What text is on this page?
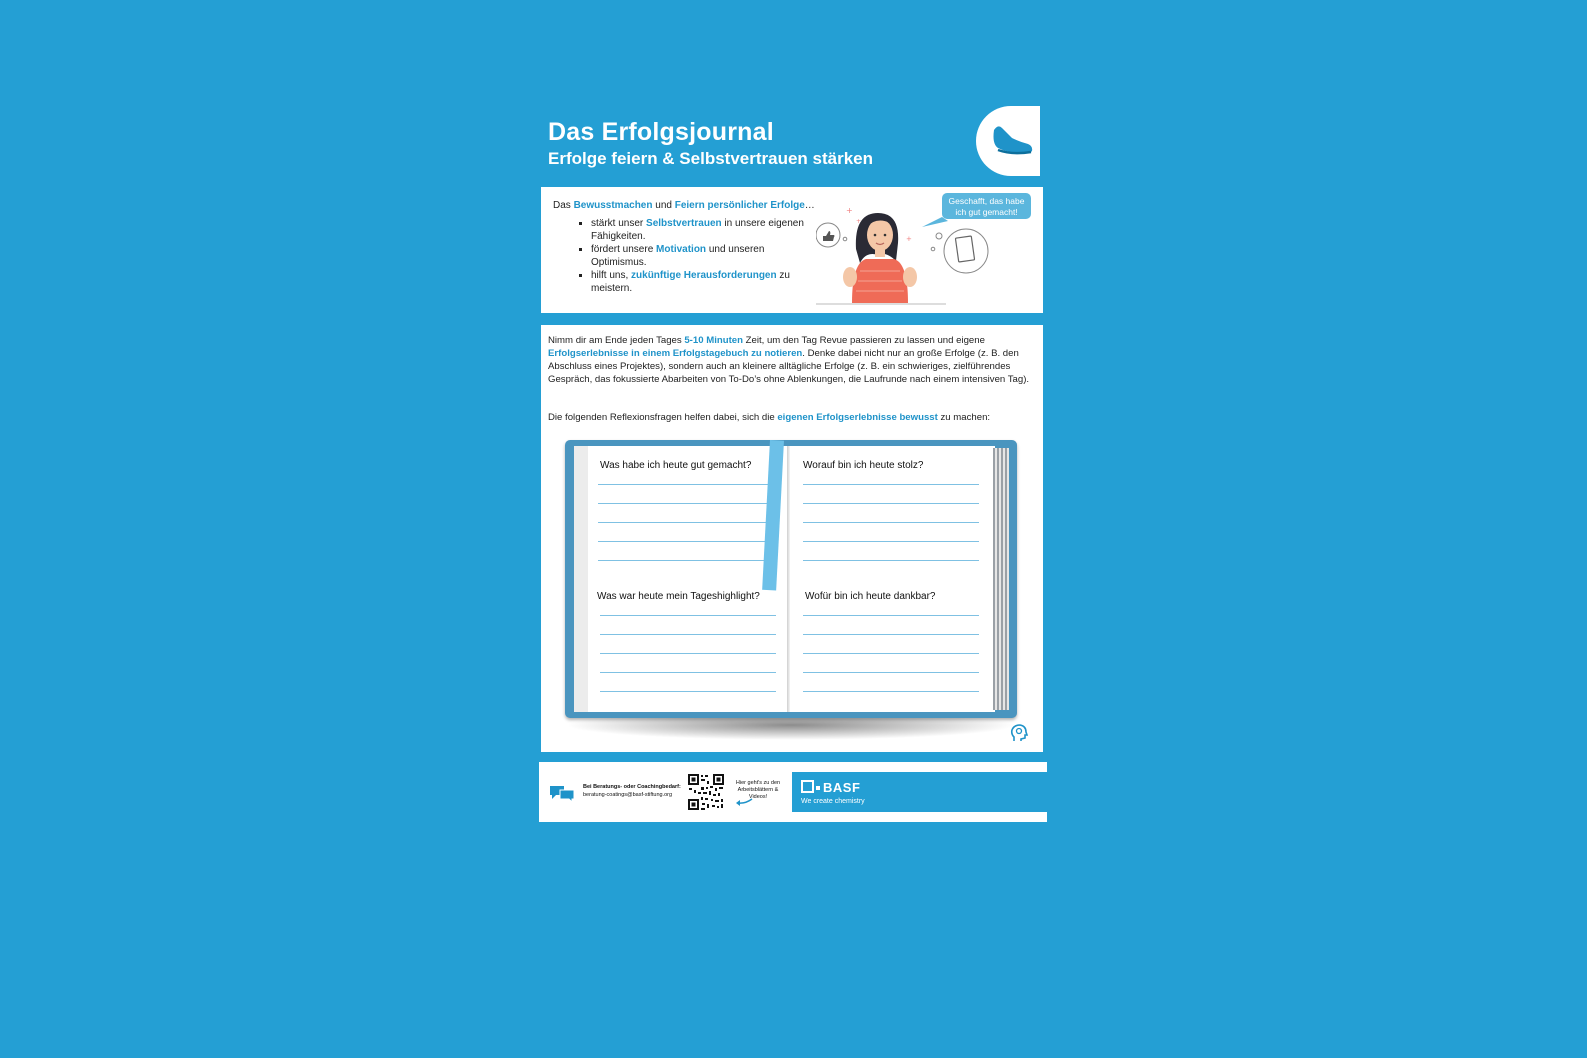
Das Erfolgsjournal
Erfolge feiern & Selbstvertrauen stärken
Das Bewusstmachen und Feiern persönlicher Erfolge…
▪ stärkt unser Selbstvertrauen in unsere eigenen Fähigkeiten.
▪ fördert unsere Motivation und unseren Optimismus.
▪ hilft uns, zukünftige Herausforderungen zu meistern.
+
+
+
Geschafft, das habe ich gut gemacht!

Nimm dir am Ende jeden Tages 5-10 Minuten Zeit, um den Tag Revue passieren zu lassen und eigene Erfolgserlebnisse in einem Erfolgstagebuch zu notieren. Denke dabei nicht nur an große Erfolge (z. B. den Abschluss eines Projektes), sondern auch an kleinere alltägliche Erfolge (z. B. ein schwieriges, zielführendes Gespräch, das fokussierte Abarbeiten von To-Do’s ohne Ablenkungen, die Laufrunde nach einem intensiven Tag).

Die folgenden Reflexionsfragen helfen dabei, sich die eigenen Erfolgserlebnisse bewusst zu machen:

Was habe ich heute gut gemacht?	Worauf bin ich heute stolz?
Was war heute mein Tageshighlight?	Wofür bin ich heute dankbar?
Bei Beratungs- oder Coachingbedarf:
beratung-coatings@basf-stiftung.org
Hier geht's zu den Arbeitsblättern & Videos!
BASF
We create chemistry
